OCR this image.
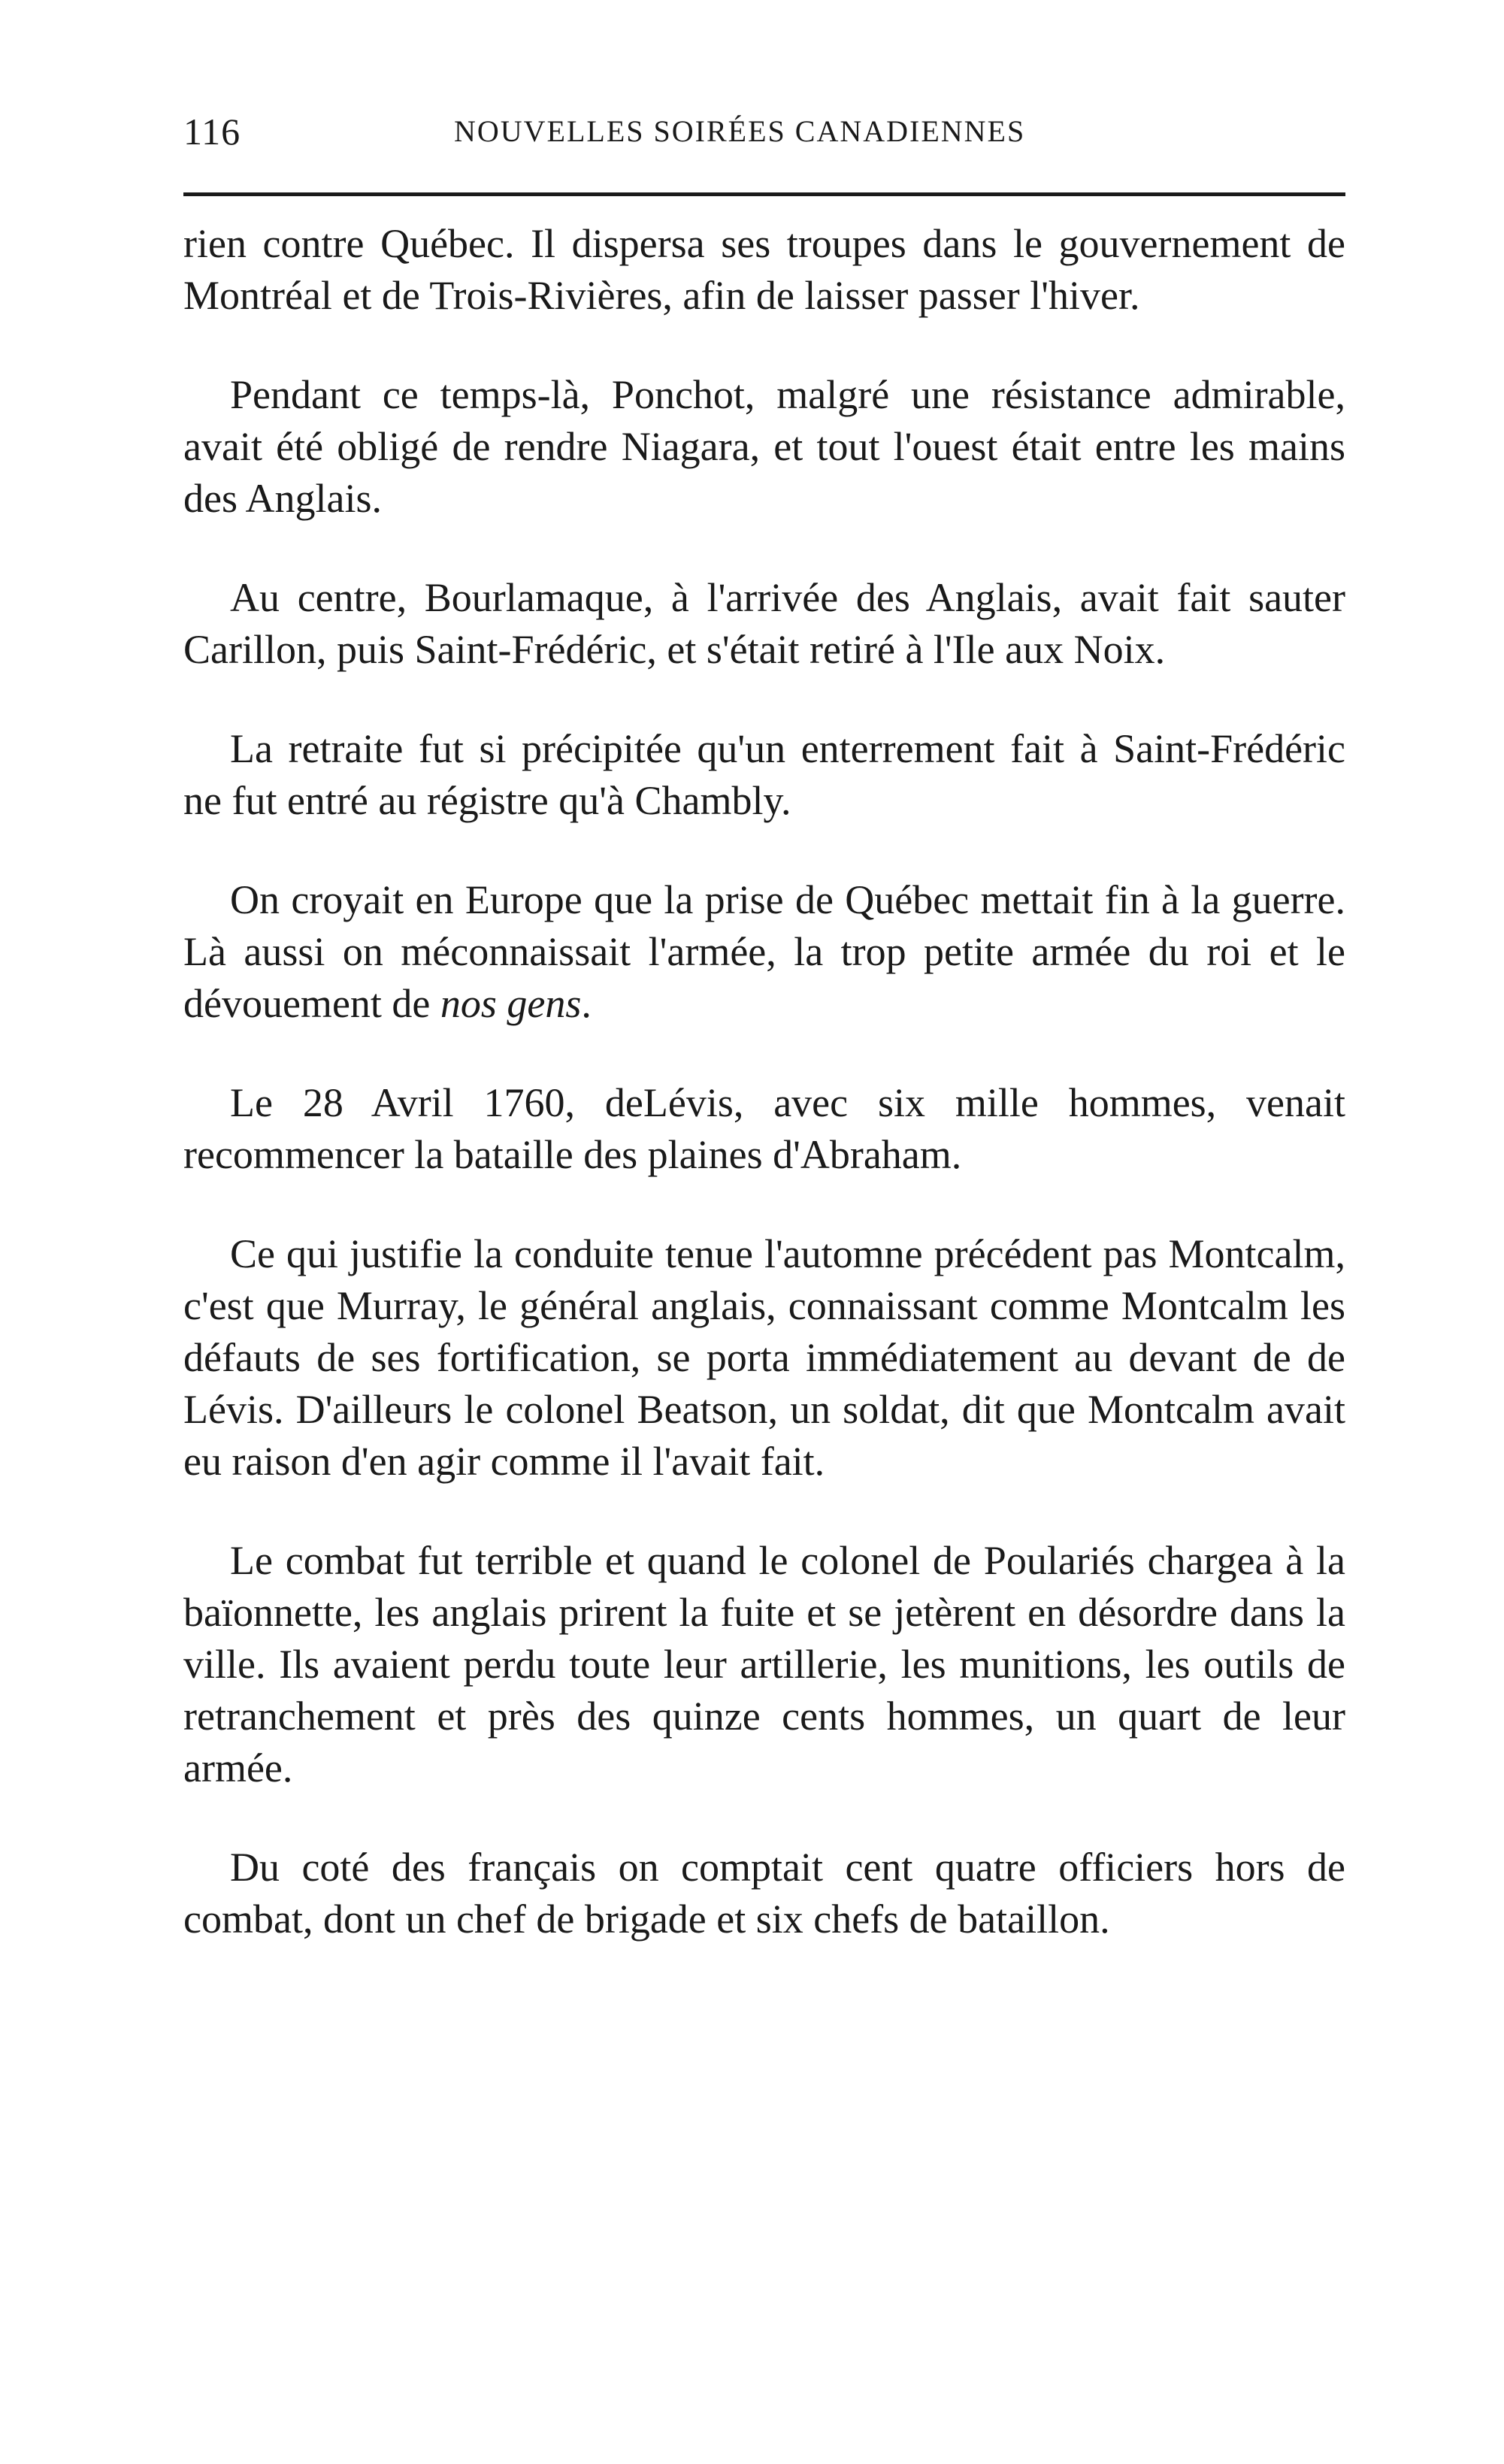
116	NOUVELLES SOIRÉES CANADIENNES

rien contre Québec. Il dispersa ses troupes dans le gouvernement de Montréal et de Trois-Rivières, afin de laisser passer l'hiver.

Pendant ce temps-là, Ponchot, malgré une résistance admirable, avait été obligé de rendre Niagara, et tout l'ouest était entre les mains des Anglais.

Au centre, Bourlamaque, à l'arrivée des Anglais, avait fait sauter Carillon, puis Saint-Frédéric, et s'était retiré à l'Ile aux Noix.

La retraite fut si précipitée qu'un enterrement fait à Saint-Frédéric ne fut entré au régistre qu'à Chambly.

On croyait en Europe que la prise de Québec mettait fin à la guerre. Là aussi on méconnaissait l'armée, la trop petite armée du roi et le dévouement de nos gens.

Le 28 Avril 1760, deLévis, avec six mille hommes, venait recommencer la bataille des plaines d'Abraham.

Ce qui justifie la conduite tenue l'automne précédent pas Montcalm, c'est que Murray, le général anglais, connaissant comme Montcalm les défauts de ses fortification, se porta immédiatement au devant de de Lévis. D'ailleurs le colonel Beatson, un soldat, dit que Montcalm avait eu raison d'en agir comme il l'avait fait.

Le combat fut terrible et quand le colonel de Poulariés chargea à la baïonnette, les anglais prirent la fuite et se jetèrent en désordre dans la ville. Ils avaient perdu toute leur artillerie, les munitions, les outils de retranchement et près des quinze cents hommes, un quart de leur armée.

Du coté des français on comptait cent quatre officiers hors de combat, dont un chef de brigade et six chefs de bataillon.
